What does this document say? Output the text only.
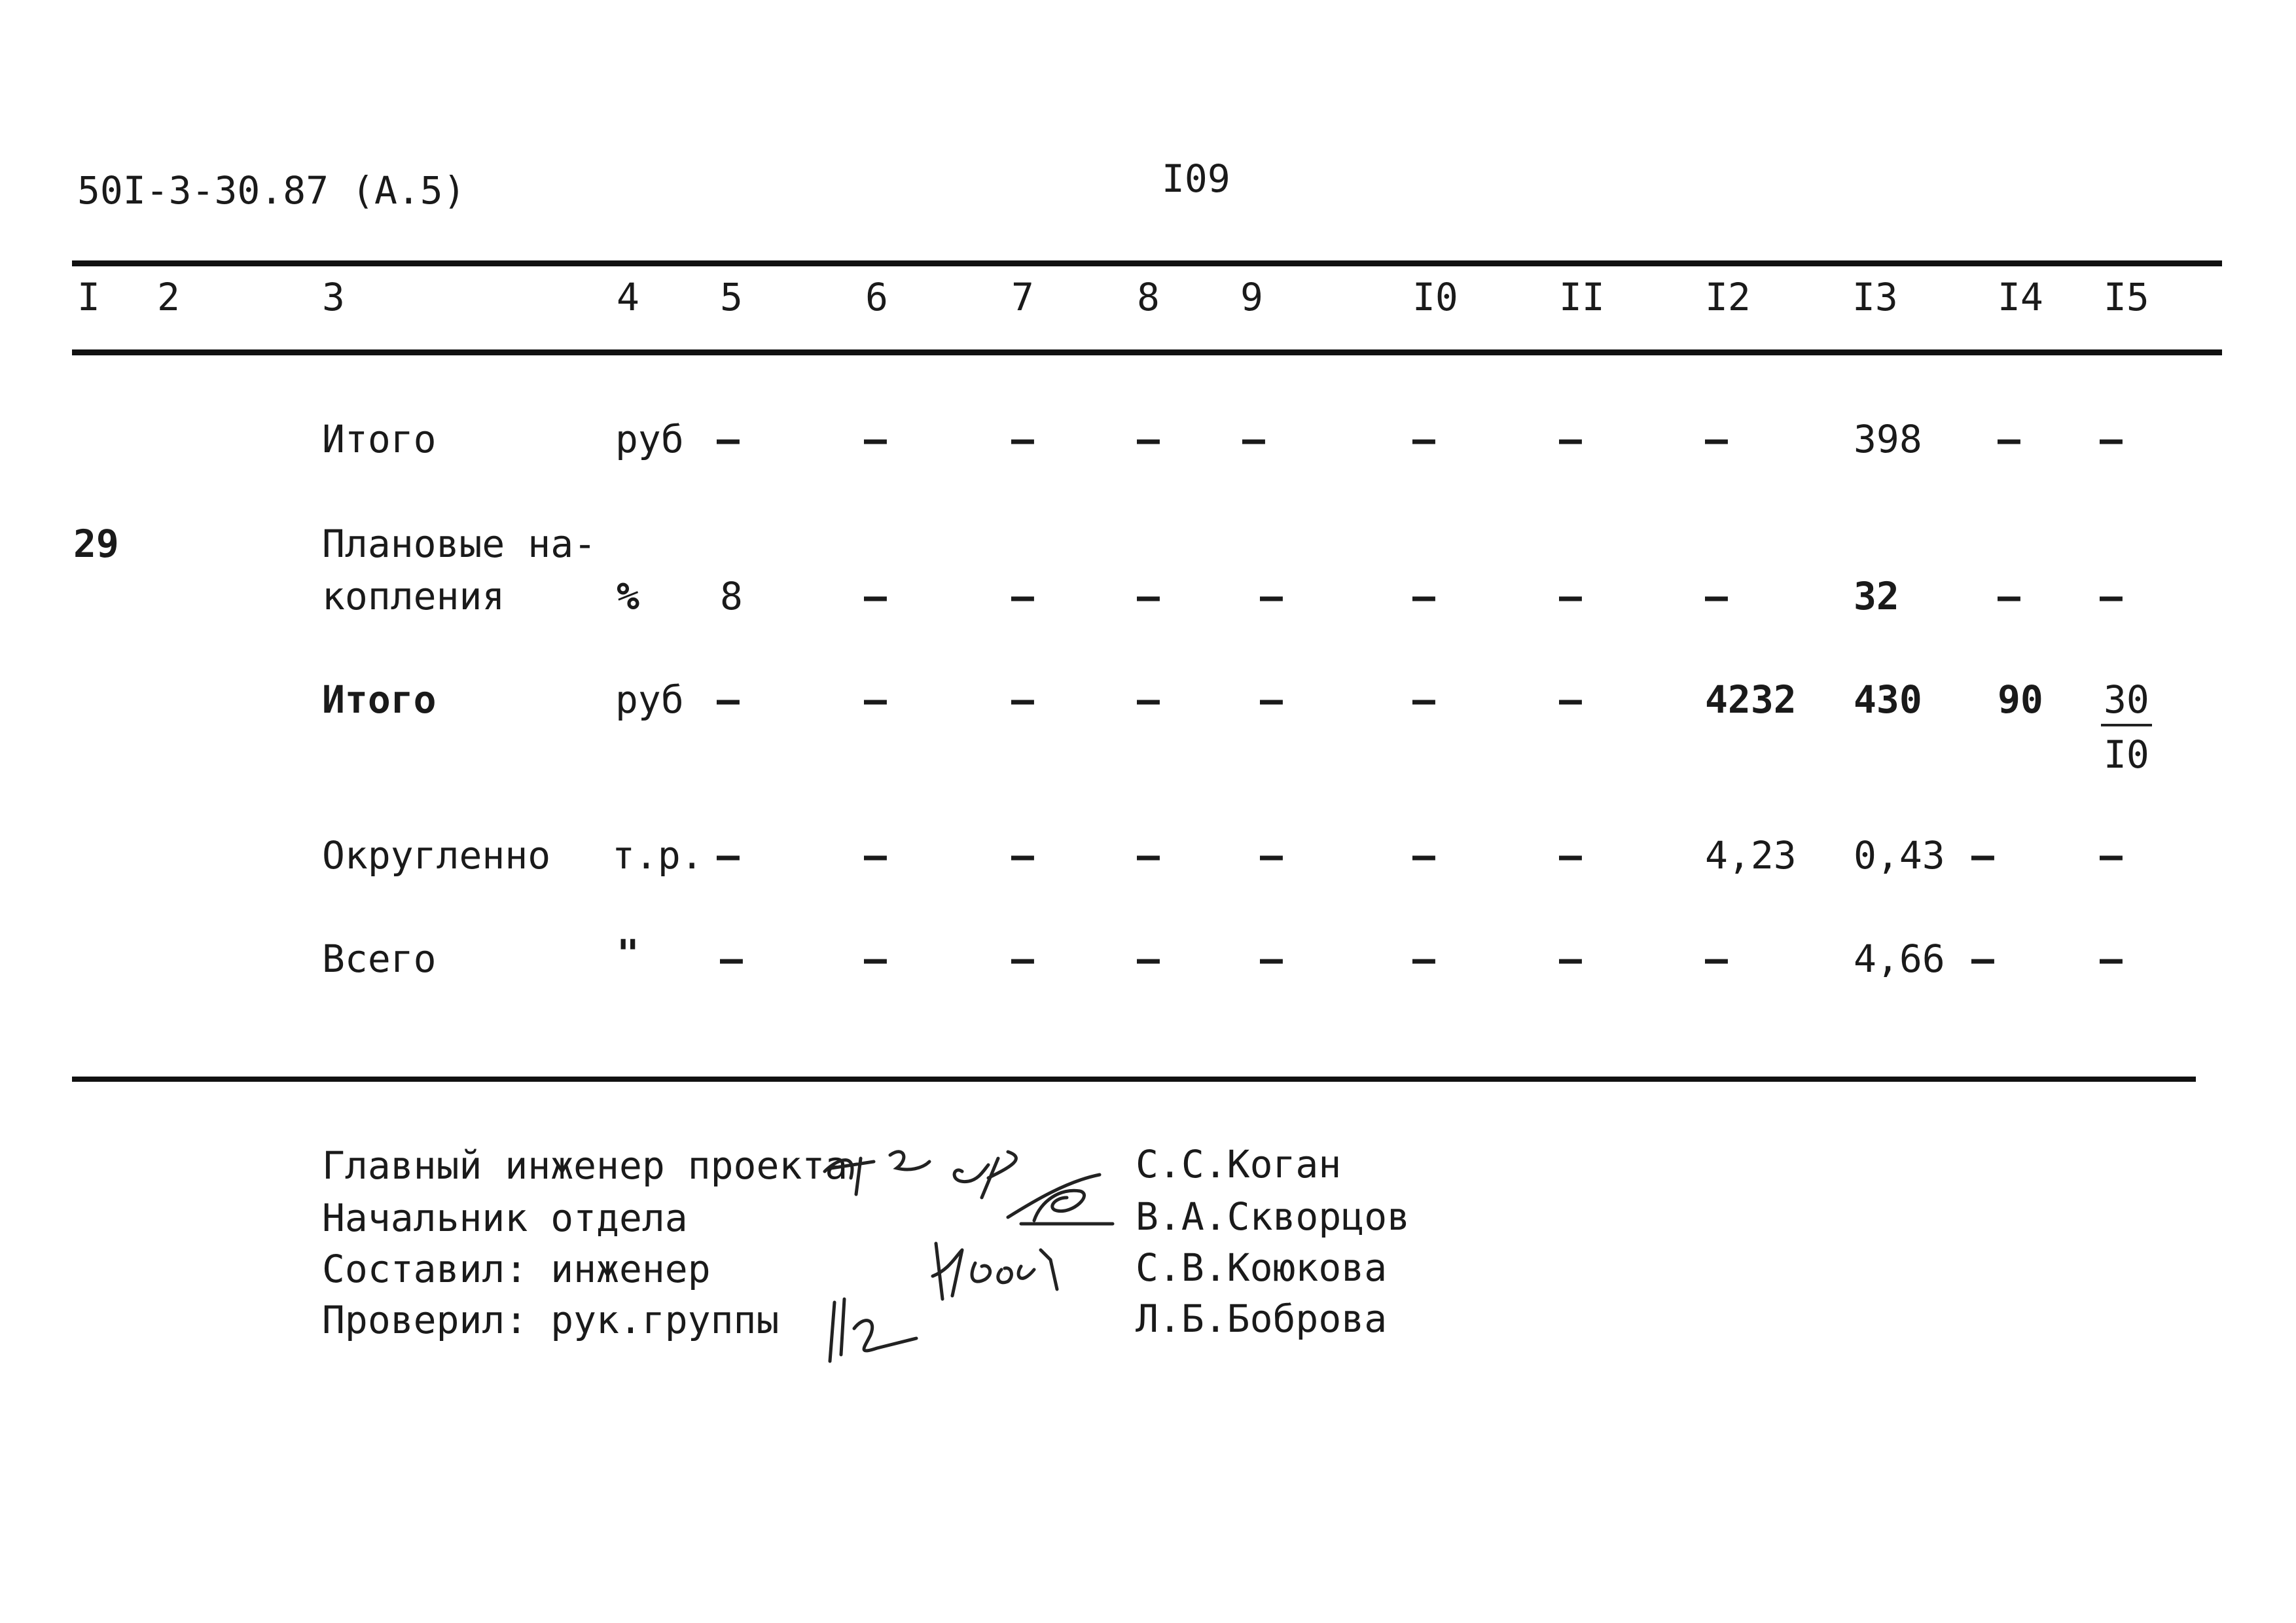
50I-3-30.87 (A.5)	I09
I 2	3	4 5	6	7	8 9	I0	II	I2	I3	I4 I5
Итого	руб –	–	–	– –	–	–	–	398 – –
29	Плановые на-
копления	% 8	–	–	–	–	–	–	–	32	– –
Итого	руб –	–	–	–	–	–	–	4232 430 $90 \frac{30}{I0}$
Округленно т.р. –	–	–	–	–	–	–	4,23 0,43 –	–
Всего	" –	–	–	–	–	–	–	–	4,66 –	–
Главный инженер проекта	С.С.Коган
Начальник отдела	В.А.Скворцов
Составил: инженер	С.В.Коюкова
Проверил: рук.группы	Л.Б.Боброва
